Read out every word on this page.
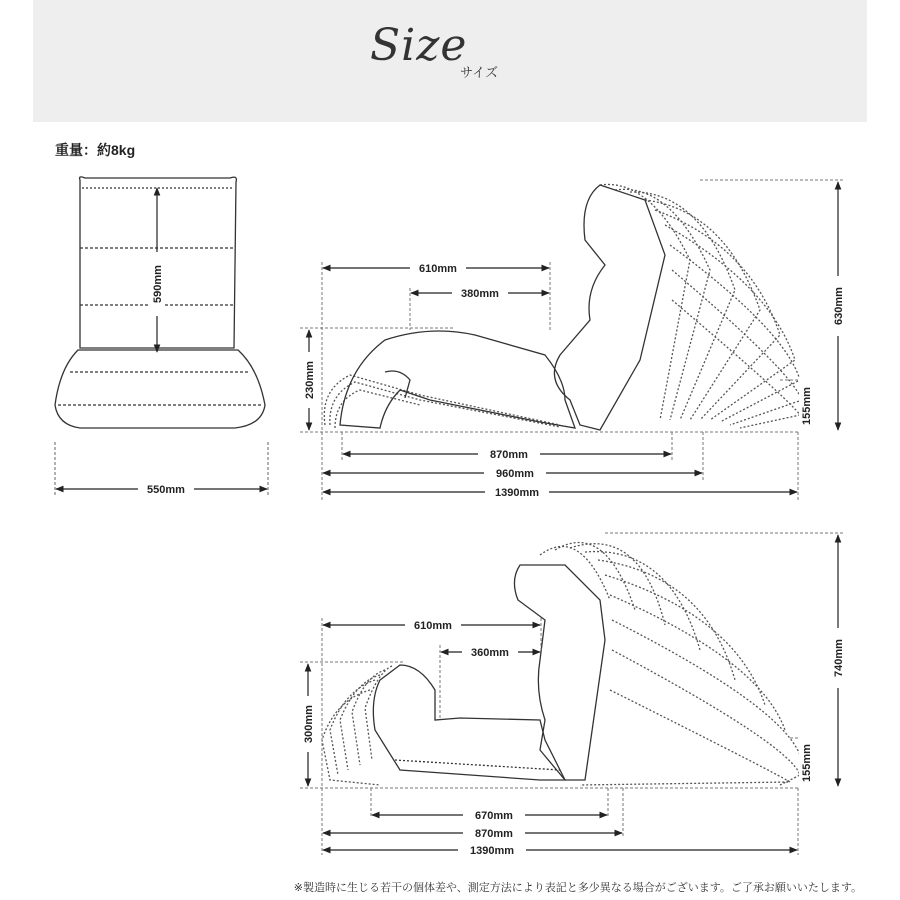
Size
サイズ
重量：約8kg
590mm
550mm
610mm
380mm
230mm
630mm
155mm
870mm
960mm
1390mm
610mm
360mm
300mm
740mm
155mm
670mm
870mm
1390mm
※製造時に生じる若干の個体差や、測定方法により表記と多少異なる場合がございます。ご了承お願いいたします。
